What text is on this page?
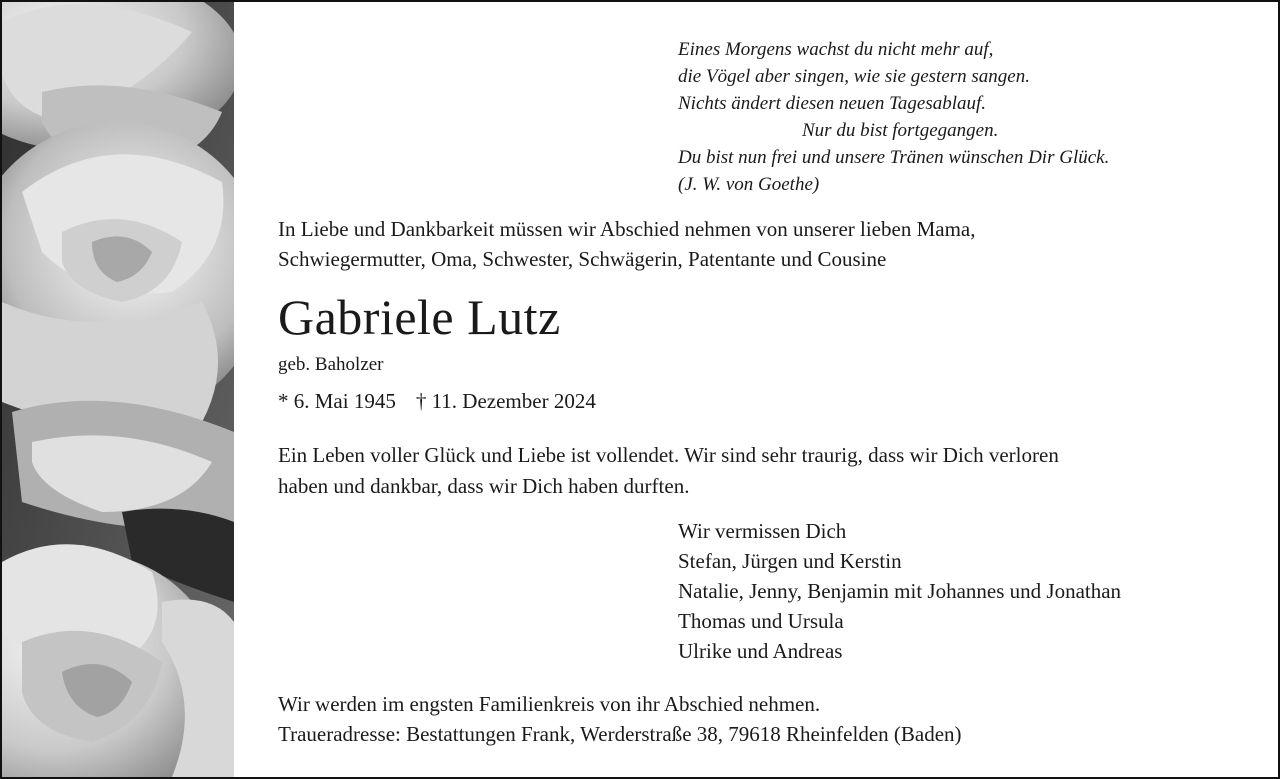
Eines Morgens wachst du nicht mehr auf,
die Vögel aber singen, wie sie gestern sangen.
Nichts ändert diesen neuen Tagesablauf.
Nur du bist fortgegangen.
Du bist nun frei und unsere Tränen wünschen Dir Glück.
(J. W. von Goethe)
In Liebe und Dankbarkeit müssen wir Abschied nehmen von unserer lieben Mama,
Schwiegermutter, Oma, Schwester, Schwägerin, Patentante und Cousine
Gabriele Lutz
geb. Baholzer
* 6. Mai 1945 † 11. Dezember 2024
Ein Leben voller Glück und Liebe ist vollendet. Wir sind sehr traurig, dass wir Dich verloren
haben und dankbar, dass wir Dich haben durften.
Wir vermissen Dich
Stefan, Jürgen und Kerstin
Natalie, Jenny, Benjamin mit Johannes und Jonathan
Thomas und Ursula
Ulrike und Andreas
Wir werden im engsten Familienkreis von ihr Abschied nehmen.
Traueradresse: Bestattungen Frank, Werderstraße 38, 79618 Rheinfelden (Baden)
